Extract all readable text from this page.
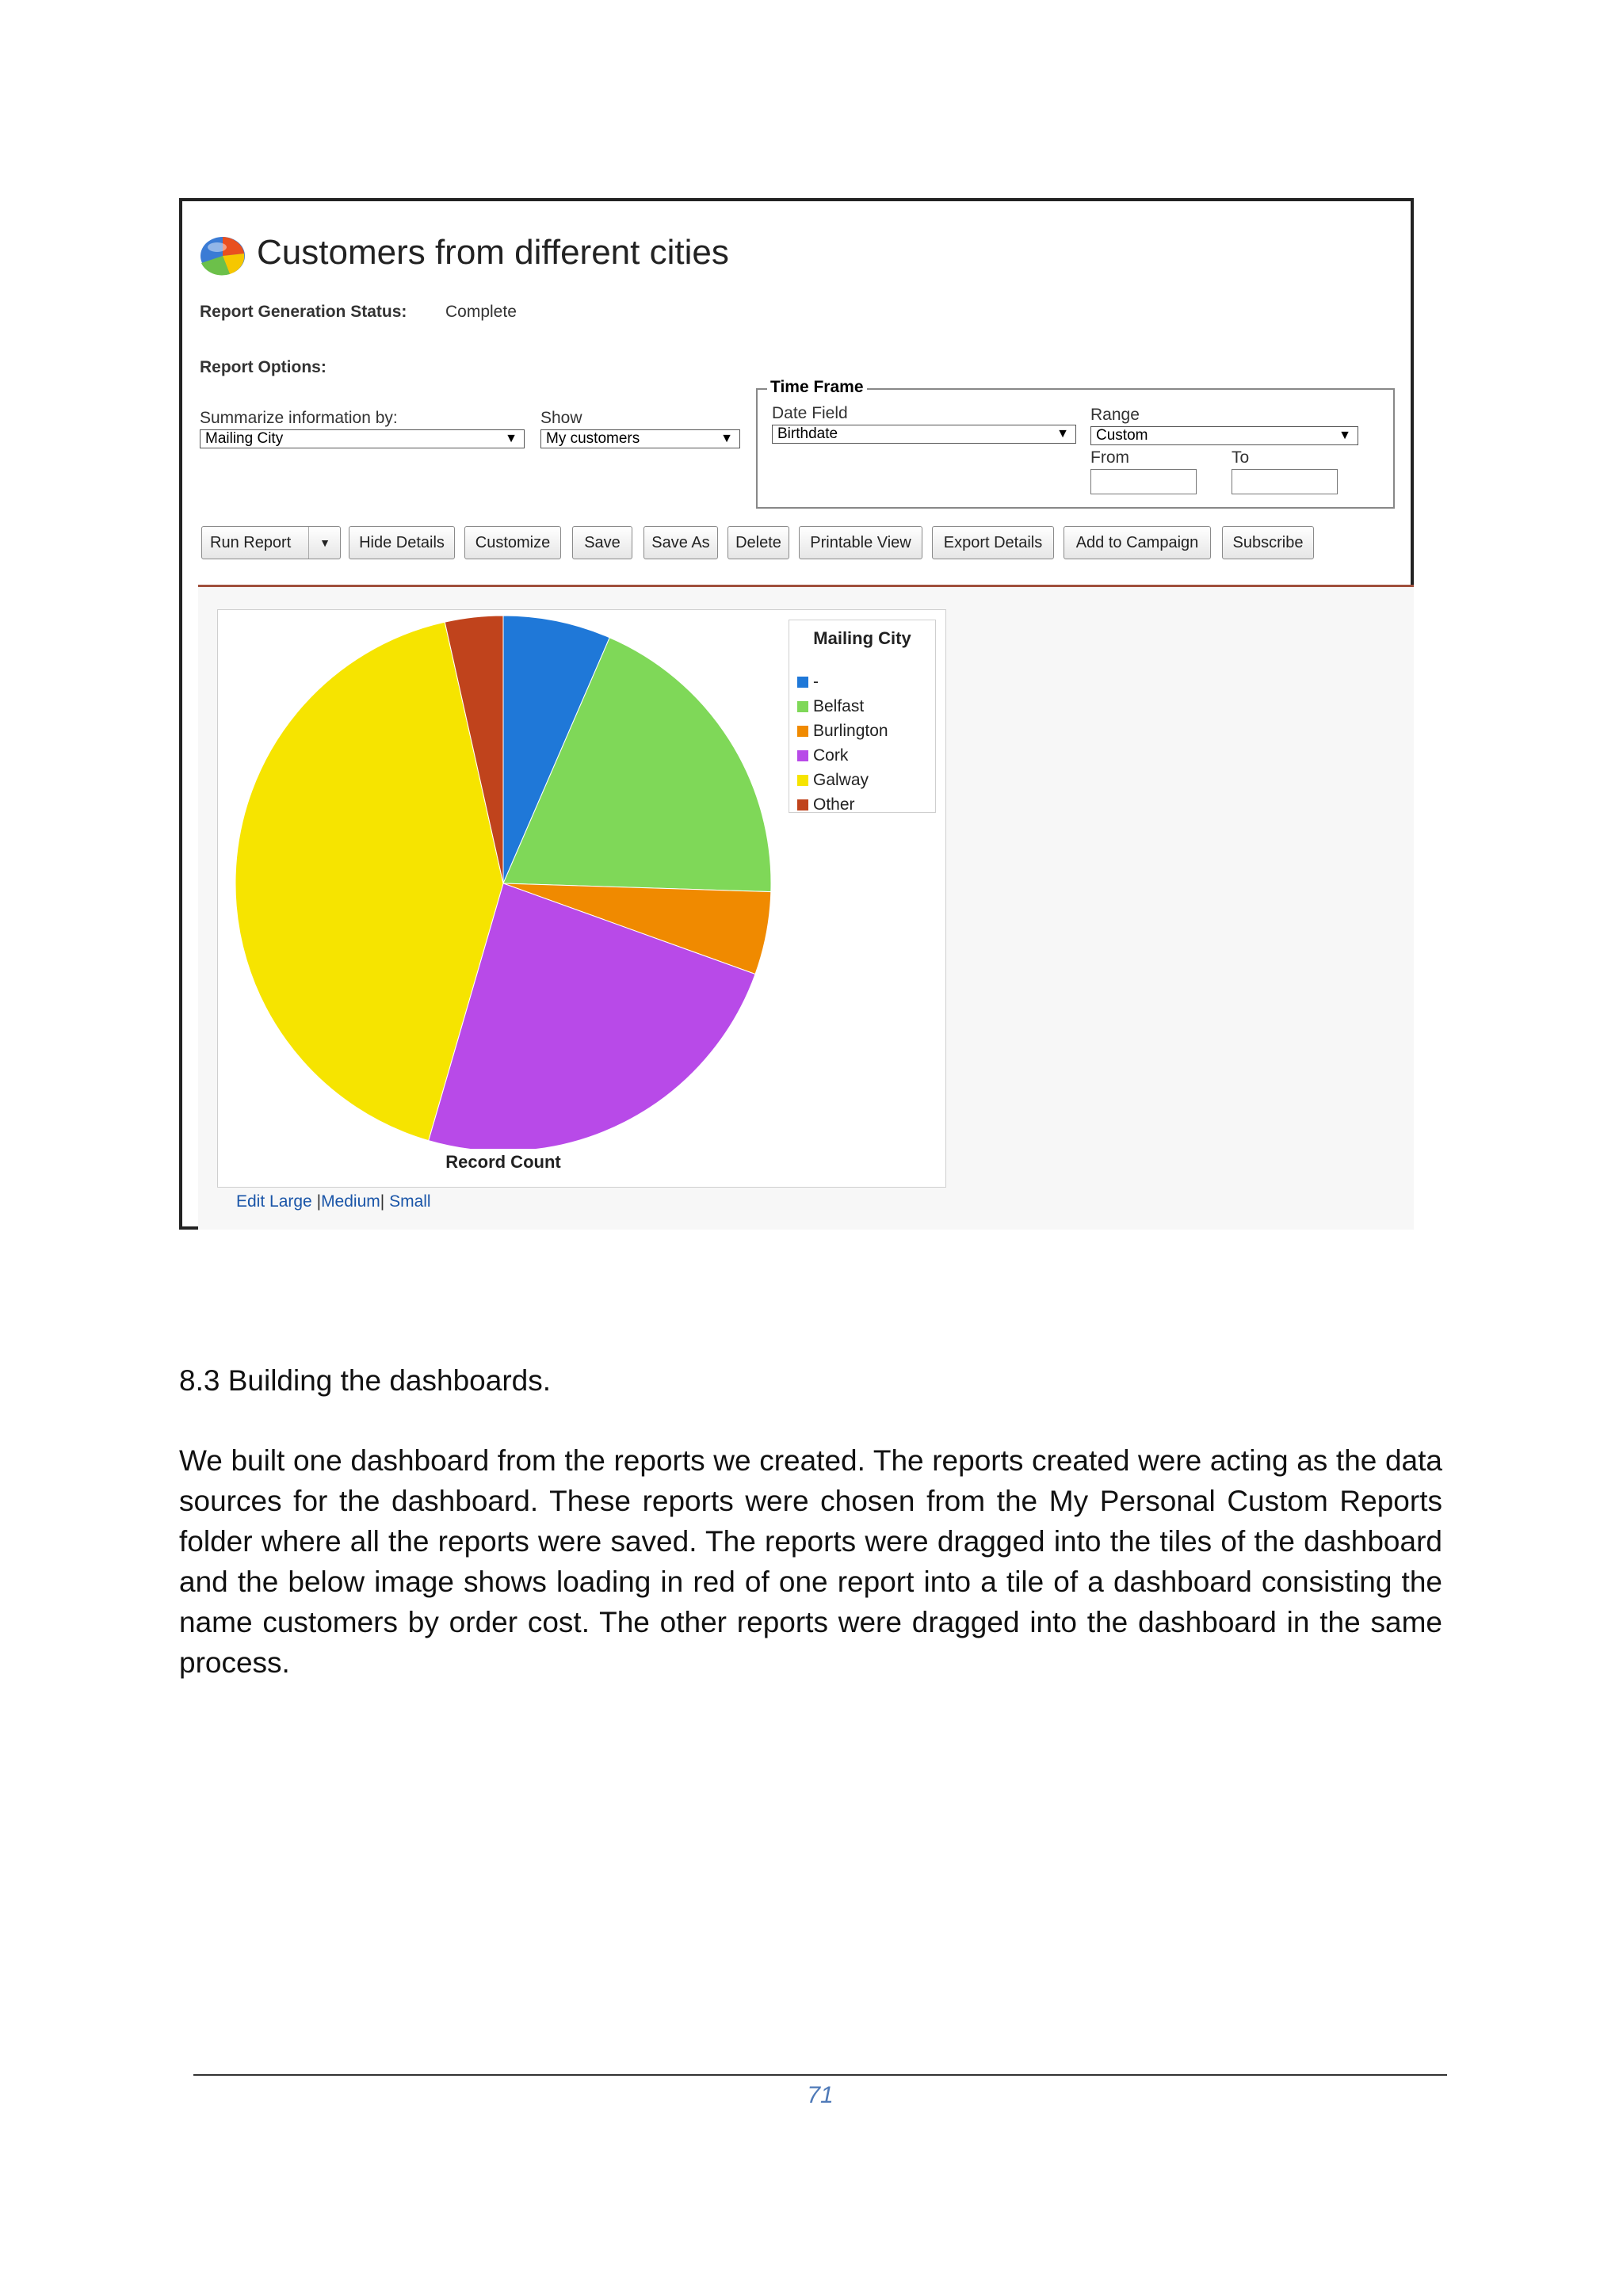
Customers from different cities
Report Generation Status: Complete
Report Options:
Summarize information by:
Mailing City	▼
Show
My customers	▼
Time Frame
Date Field
Birthdate	▼
Range
Custom	▼
From	To
Run Report	▼	Hide Details	Customize	Save	Save As	Delete	Printable View	Export Details	Add to Campaign	Subscribe
Mailing City
-
Belfast
Burlington
Cork
Galway
Other
Record Count
Edit Large |Medium| Small
8.3 Building the dashboards.
We built one dashboard from the reports we created. The reports created were acting as the data sources for the dashboard. These reports were chosen from the My Personal Custom Reports folder where all the reports were saved. The reports were dragged into the tiles of the dashboard and the below image shows loading in red of one report into a tile of a dashboard consisting the name customers by order cost. The other reports were dragged into the dashboard in the same process.
71
